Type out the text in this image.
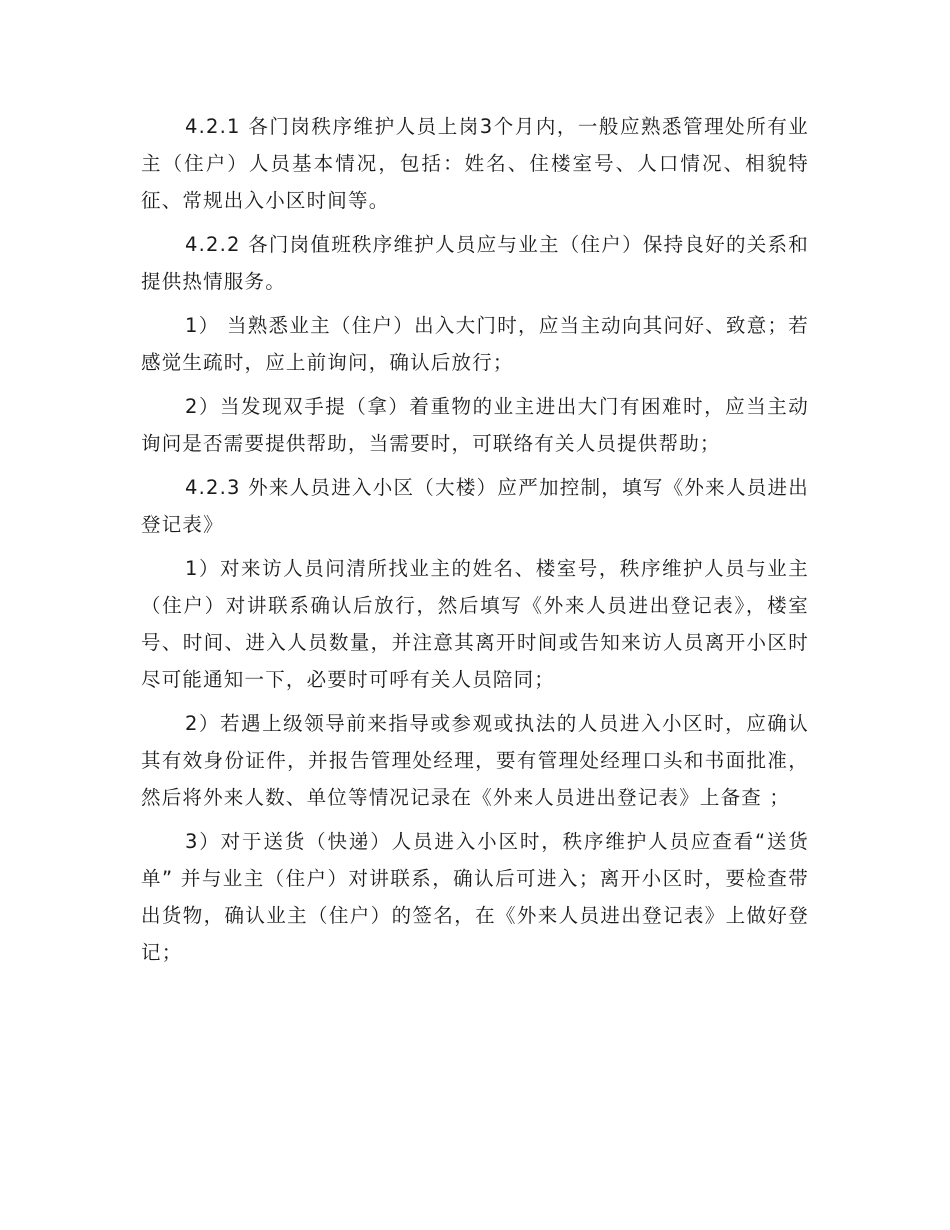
4.2.1 各门岗秩序维护人员上岗3个月内，一般应熟悉管理处所有业主（住户）人员基本情况，包括：姓名、住楼室号、人口情况、相貌特征、常规出入小区时间等。

4.2.2 各门岗值班秩序维护人员应与业主（住户）保持良好的关系和提供热情服务。

1） 当熟悉业主（住户）出入大门时，应当主动向其问好、致意；若感觉生疏时，应上前询问，确认后放行；

2）当发现双手提（拿）着重物的业主进出大门有困难时，应当主动询问是否需要提供帮助，当需要时，可联络有关人员提供帮助；

4.2.3 外来人员进入小区（大楼）应严加控制，填写《外来人员进出登记表》

1）对来访人员问清所找业主的姓名、楼室号，秩序维护人员与业主（住户）对讲联系确认后放行，然后填写《外来人员进出登记表》，楼室号、时间、进入人员数量，并注意其离开时间或告知来访人员离开小区时尽可能通知一下，必要时可呼有关人员陪同；

2）若遇上级领导前来指导或参观或执法的人员进入小区时，应确认其有效身份证件，并报告管理处经理，要有管理处经理口头和书面批准，然后将外来人数、单位等情况记录在《外来人员进出登记表》上备查 ；

3）对于送货（快递）人员进入小区时，秩序维护人员应查看“送货单” 并与业主（住户）对讲联系，确认后可进入；离开小区时，要检查带出货物，确认业主（住户）的签名，在《外来人员进出登记表》上做好登记；
